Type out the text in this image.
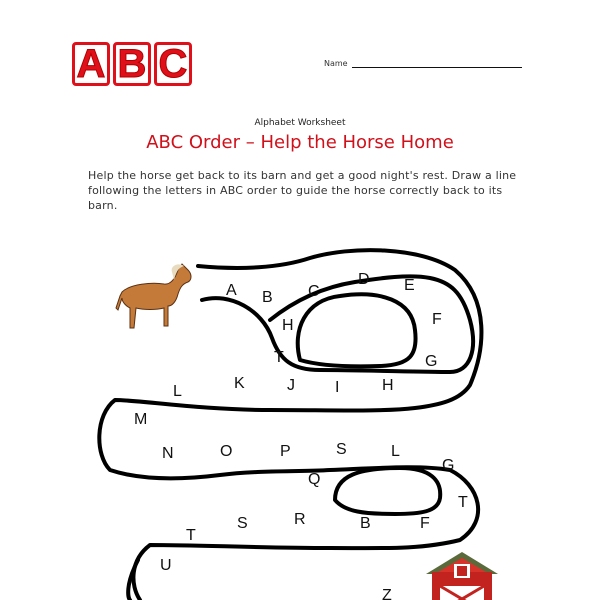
A B C	Name
Alphabet Worksheet
ABC Order – Help the Horse Home
Help the horse get back to its barn and get a good night's rest. Draw a line following the letters in ABC order to guide the horse correctly back to its barn.
A B C
D E
F
G
H
I
J
K
L
H
T
M
N	O	P	S	L
G
Q
T
F
B
R
S
T
U
Z
